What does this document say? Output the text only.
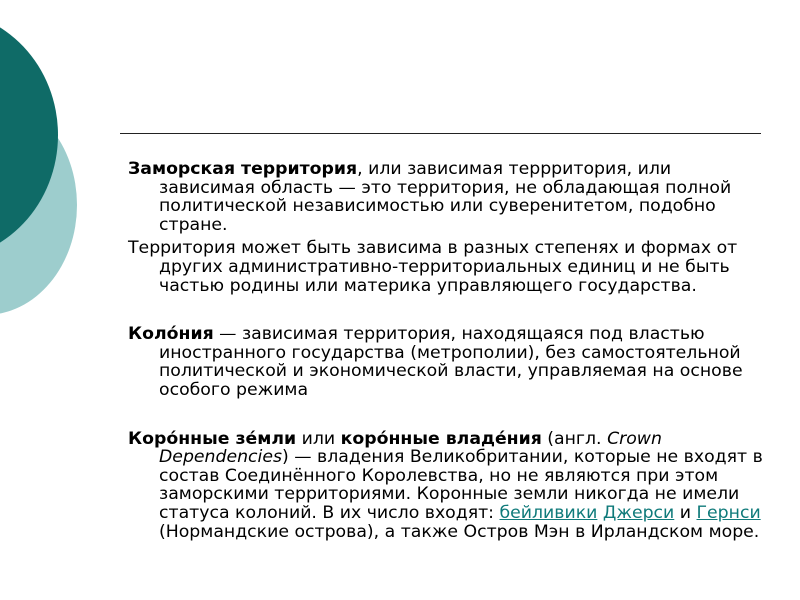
Заморская территория, или зависимая террритория, или зависимая область — это территория, не обладающая полной политической независимостью или суверенитетом, подобно стране.

Территория может быть зависима в разных степенях и формах от других административно-территориальных единиц и не быть частью родины или материка управляющего государства.

Коло́ния — зависимая территория, находящаяся под властью иностранного государства (метрополии), без самостоятельной политической и экономической власти, управляемая на основе особого режима

Коро́нные зе́мли или коро́нные владе́ния (англ. Crown Dependencies) — владения Великобритании, которые не входят в состав Соединённого Королевства, но не являются при этом заморскими территориями. Коронные земли никогда не имели статуса колоний. В их число входят: бейливики Джерси и Гернси (Нормандские острова), а также Остров Мэн в Ирландском море.
